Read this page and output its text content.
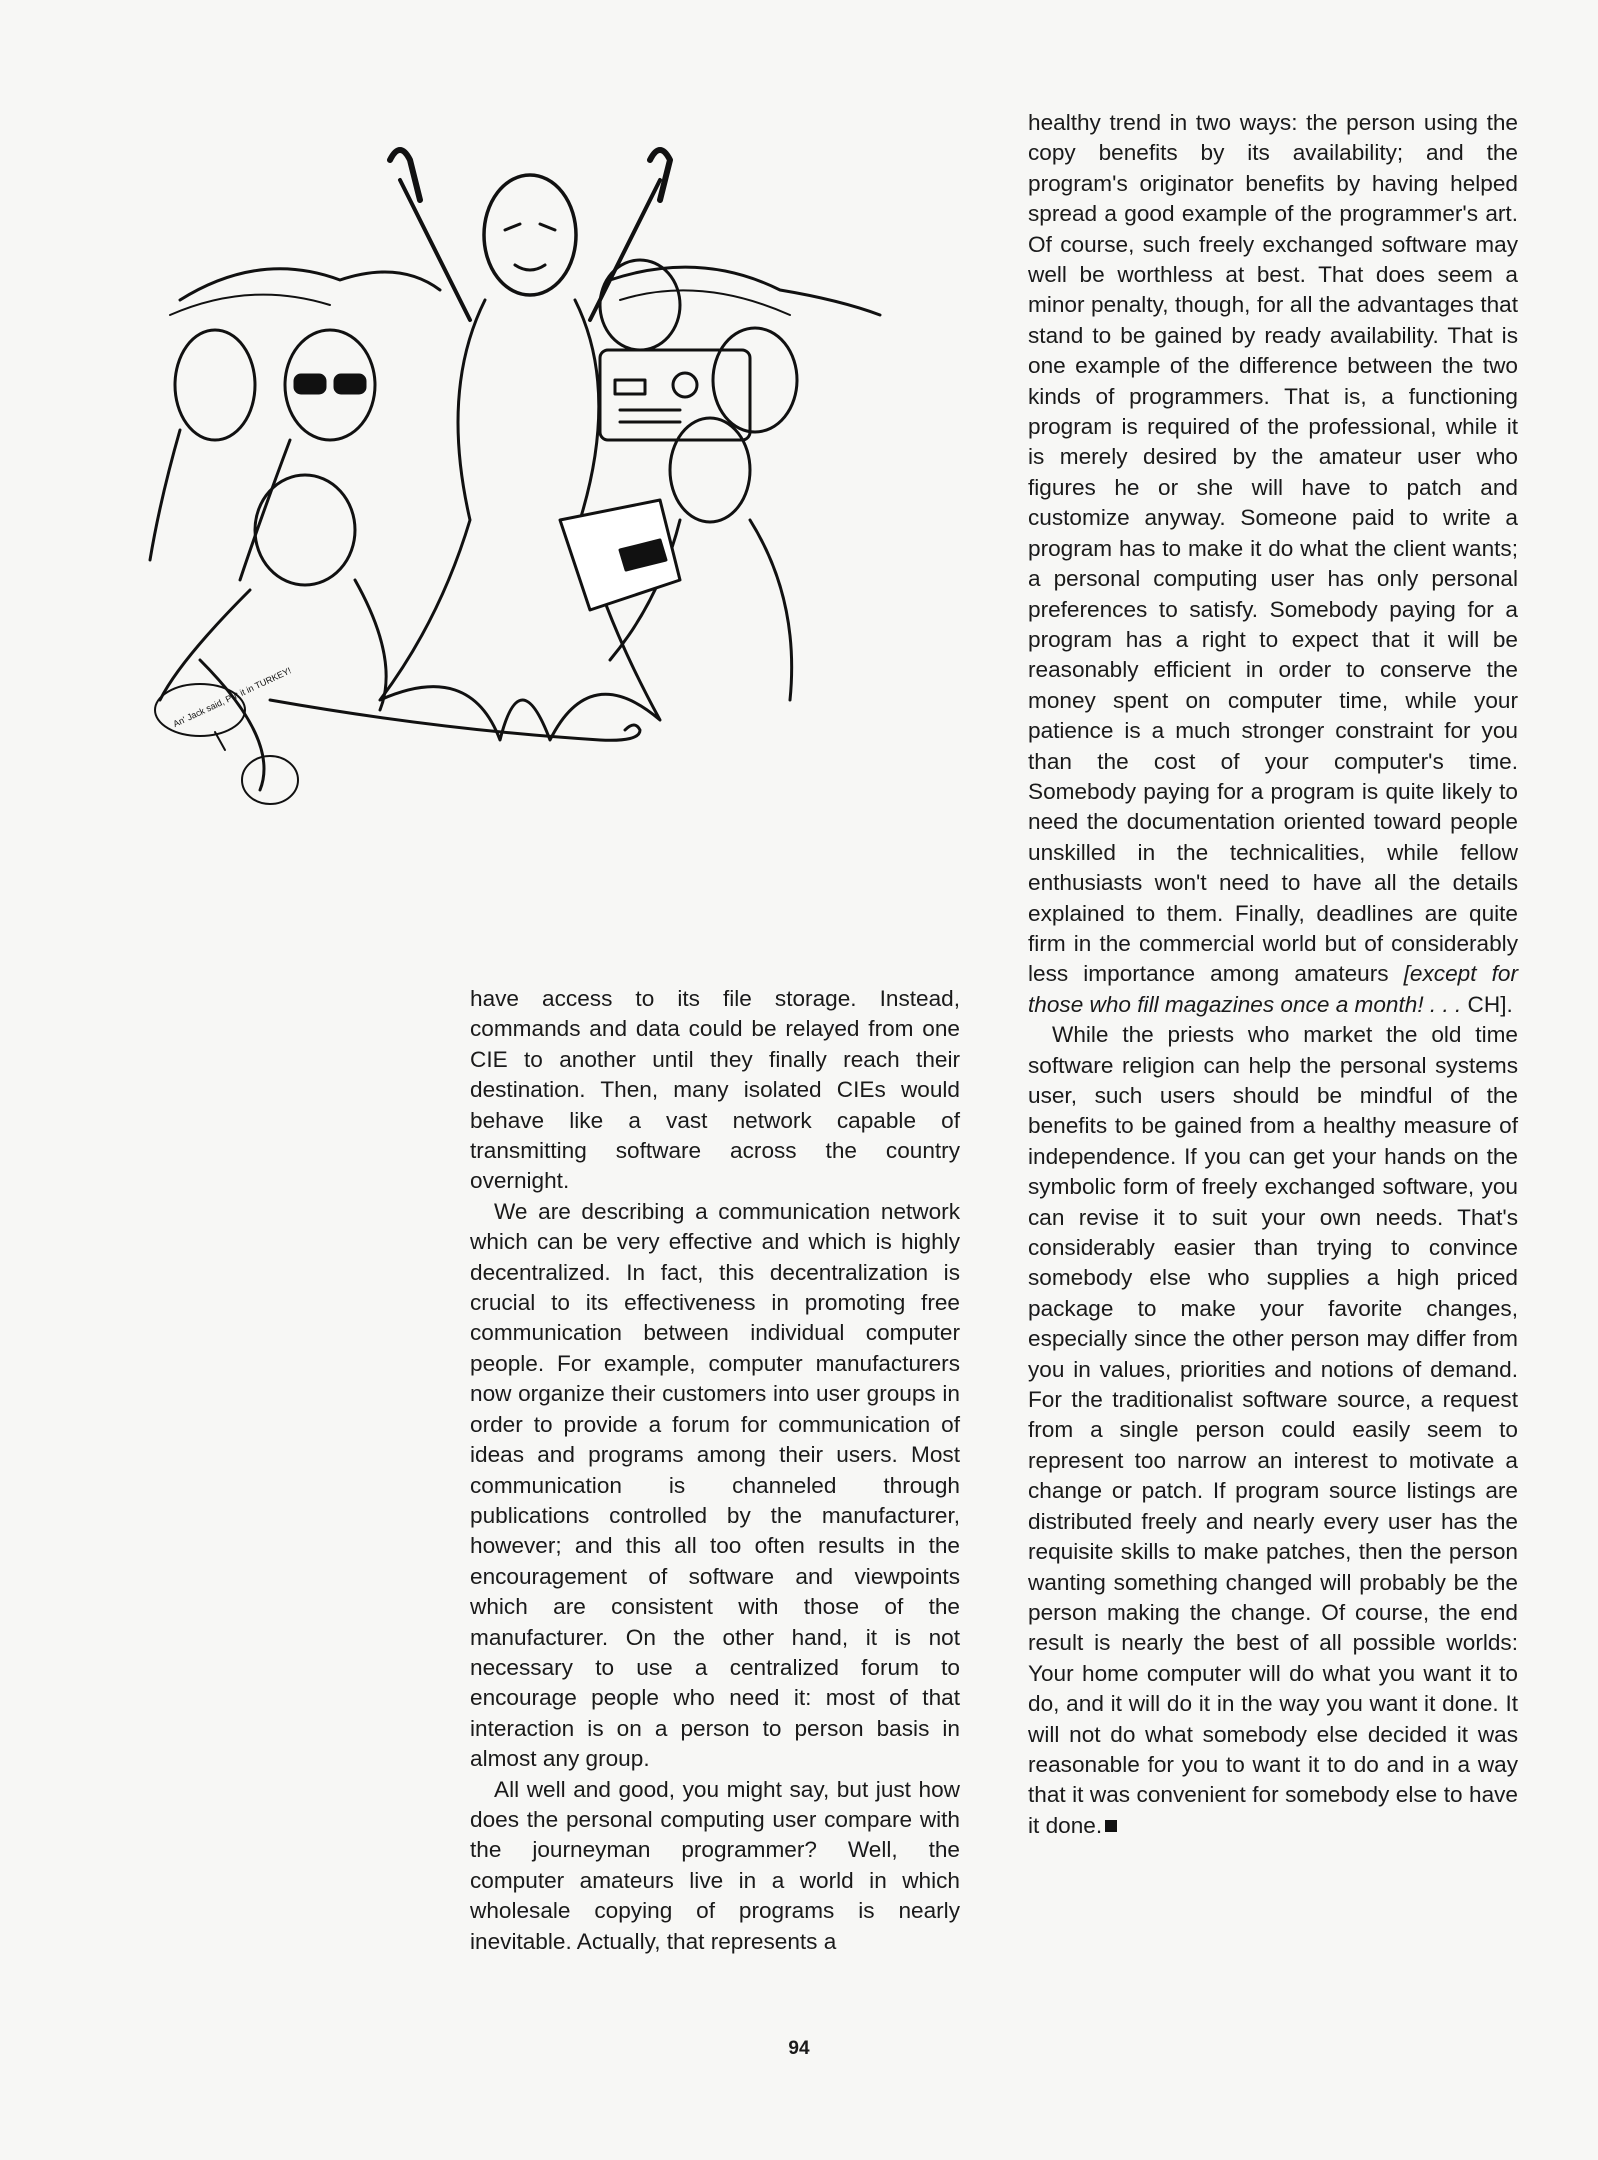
An' Jack said, Put it in TURKEY!

have access to its file storage. Instead, commands and data could be relayed from one CIE to another until they finally reach their destination. Then, many isolated CIEs would behave like a vast network capable of transmitting software across the country overnight.

We are describing a communication network which can be very effective and which is highly decentralized. In fact, this decentralization is crucial to its effectiveness in promoting free communication between individual computer people. For example, computer manufacturers now organize their customers into user groups in order to provide a forum for communication of ideas and programs among their users. Most communication is channeled through publications controlled by the manufacturer, however; and this all too often results in the encouragement of software and viewpoints which are consistent with those of the manufacturer. On the other hand, it is not necessary to use a centralized forum to encourage people who need it: most of that interaction is on a person to person basis in almost any group.

All well and good, you might say, but just how does the personal computing user compare with the journeyman programmer? Well, the computer amateurs live in a world in which wholesale copying of programs is nearly inevitable. Actually, that represents a

healthy trend in two ways: the person using the copy benefits by its availability; and the program's originator benefits by having helped spread a good example of the programmer's art. Of course, such freely exchanged software may well be worthless at best. That does seem a minor penalty, though, for all the advantages that stand to be gained by ready availability. That is one example of the difference between the two kinds of programmers. That is, a functioning program is required of the professional, while it is merely desired by the amateur user who figures he or she will have to patch and customize anyway. Someone paid to write a program has to make it do what the client wants; a personal computing user has only personal preferences to satisfy. Somebody paying for a program has a right to expect that it will be reasonably efficient in order to conserve the money spent on computer time, while your patience is a much stronger constraint for you than the cost of your computer's time. Somebody paying for a program is quite likely to need the documentation oriented toward people unskilled in the technicalities, while fellow enthusiasts won't need to have all the details explained to them. Finally, deadlines are quite firm in the commercial world but of considerably less importance among amateurs [except for those who fill magazines once a month! . . . CH].

While the priests who market the old time software religion can help the personal systems user, such users should be mindful of the benefits to be gained from a healthy measure of independence. If you can get your hands on the symbolic form of freely exchanged software, you can revise it to suit your own needs. That's considerably easier than trying to convince somebody else who supplies a high priced package to make your favorite changes, especially since the other person may differ from you in values, priorities and notions of demand. For the traditionalist software source, a request from a single person could easily seem to represent too narrow an interest to motivate a change or patch. If program source listings are distributed freely and nearly every user has the requisite skills to make patches, then the person wanting something changed will probably be the person making the change. Of course, the end result is nearly the best of all possible worlds: Your home computer will do what you want it to do, and it will do it in the way you want it done. It will not do what somebody else decided it was reasonable for you to want it to do and in a way that it was convenient for somebody else to have it done.

94
